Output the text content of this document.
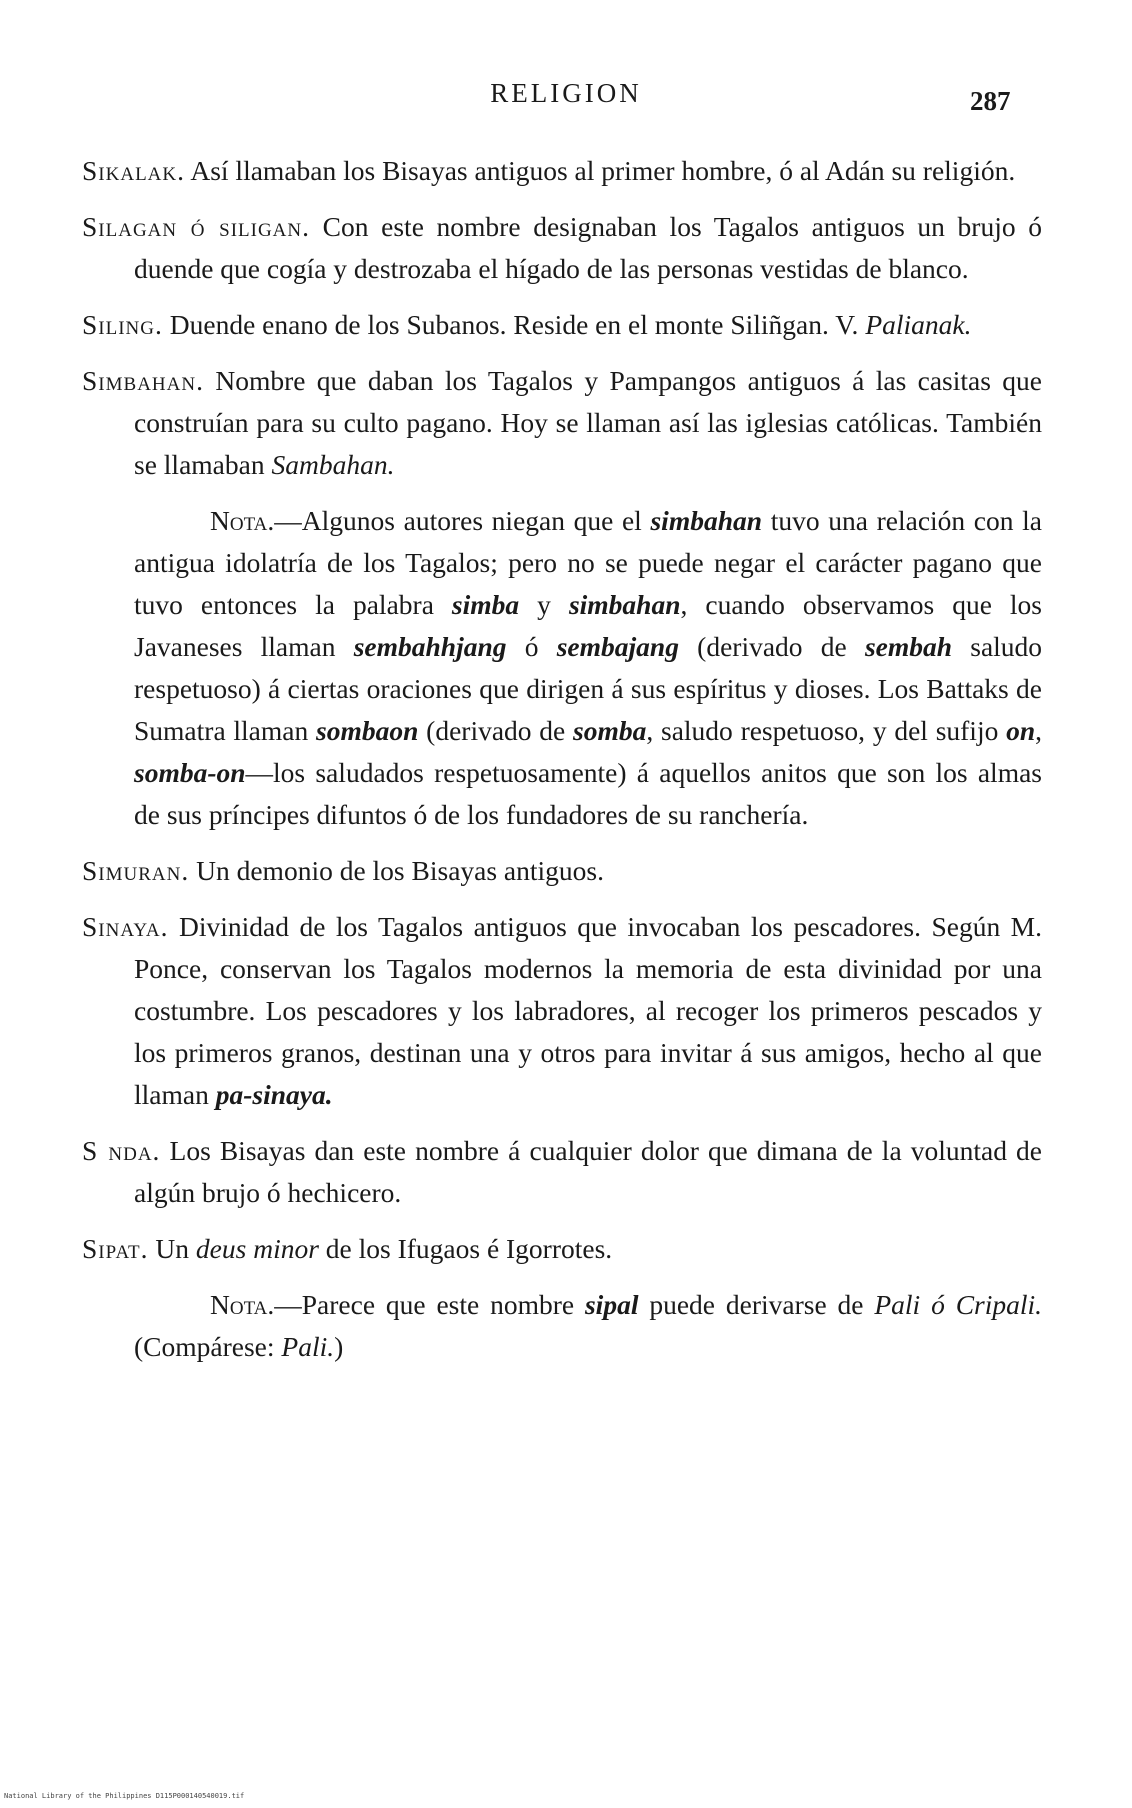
RELIGION	287

Sikalak. Así llamaban los Bisayas antiguos al primer hombre, ó al Adán su religión.

Silagan ó siligan. Con este nombre designaban los Tagalos antiguos un brujo ó duende que cogía y destrozaba el hígado de las personas vestidas de blanco.

Siling. Duende enano de los Subanos. Reside en el monte Siliñgan. V. Palianak.

Simbahan. Nombre que daban los Tagalos y Pampangos antiguos á las casitas que construían para su culto pagano. Hoy se llaman así las iglesias católicas. También se llamaban Sambahan.

Nota.—Algunos autores niegan que el simbahan tuvo una relación con la antigua idolatría de los Tagalos; pero no se puede negar el carácter pagano que tuvo entonces la palabra simba y simbahan, cuando observamos que los Javaneses llaman sembahhjang ó sembajang (derivado de sembah saludo respetuoso) á ciertas oraciones que dirigen á sus espíritus y dioses. Los Battaks de Sumatra llaman sombaon (derivado de somba, saludo respetuoso, y del sufijo on, somba-on—los saludados respetuosamente) á aquellos anitos que son los almas de sus príncipes difuntos ó de los fundadores de su ranchería.

Simuran. Un demonio de los Bisayas antiguos.

Sinaya. Divinidad de los Tagalos antiguos que invocaban los pescadores. Según M. Ponce, conservan los Tagalos modernos la memoria de esta divinidad por una costumbre. Los pescadores y los labradores, al recoger los primeros pescados y los primeros granos, destinan una y otros para invitar á sus amigos, hecho al que llaman pa-sinaya.

S nda. Los Bisayas dan este nombre á cualquier dolor que dimana de la voluntad de algún brujo ó hechicero.

Sipat. Un deus minor de los Ifugaos é Igorrotes.

Nota.—Parece que este nombre sipal puede derivarse de Pali ó Cripali. (Compárese: Pali.)

National Library of the Philippines D115P000140540019.tif
